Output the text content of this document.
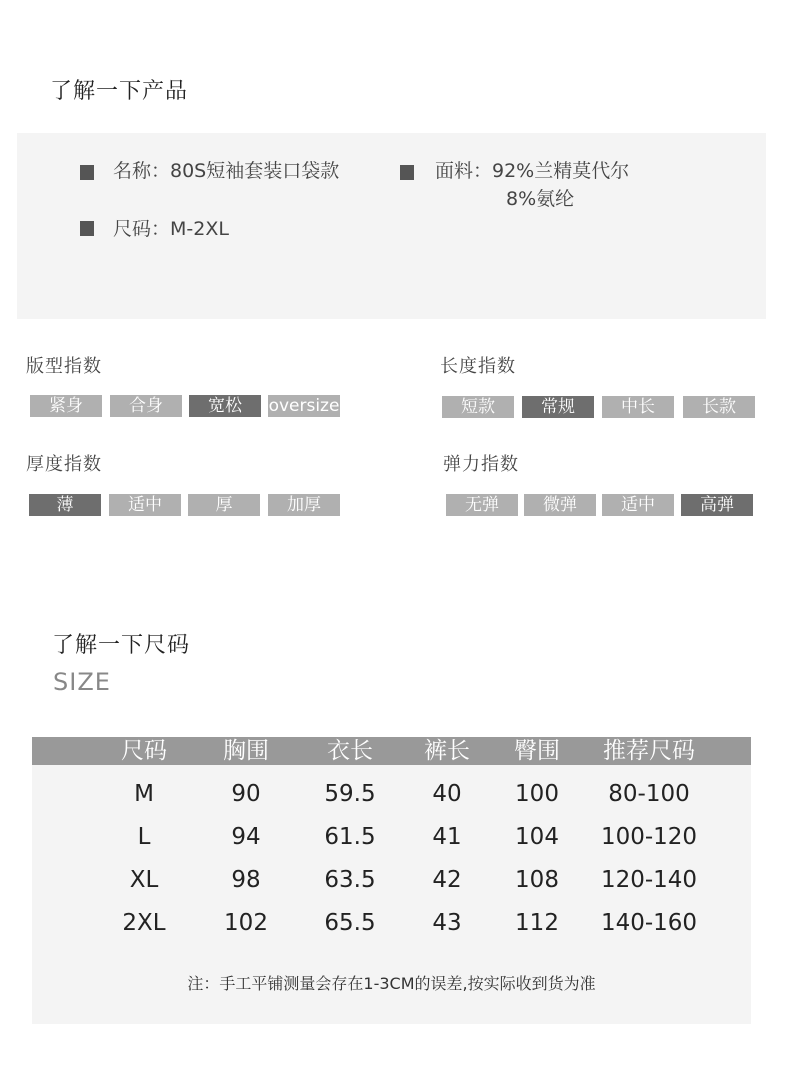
了解一下产品
名称：80S短袖套装口袋款	面料：92%兰精莫代尔
8%氨纶
尺码：M-2XL
版型指数
紧身	合身	宽松	oversize
长度指数
短款	常规	中长	长款
厚度指数
薄	适中	厚	加厚
弹力指数
无弹	微弹	适中	高弹
了解一下尺码
SIZE
尺码 胸围	衣长 裤长 臀围 推荐尺码
注：手工平铺测量会存在1-3CM的误差,按实际收到货为准
M	90	59.5 40 100 80-100
L	94	61.5 41 104 100-120
XL	98	63.5 42 108 120-140
2XL	102 65.5 43 112 140-160
